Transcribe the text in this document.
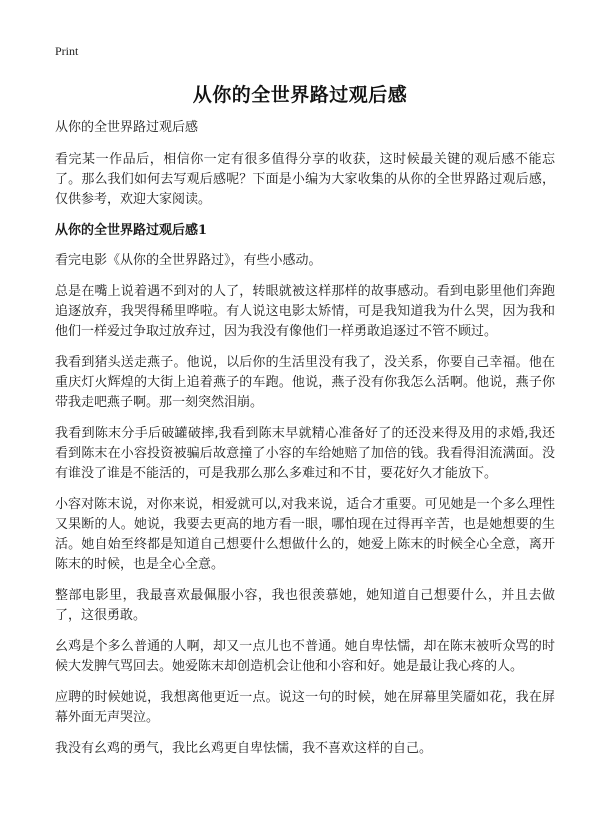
Print
从你的全世界路过观后感

从你的全世界路过观后感

看完某一作品后，相信你一定有很多值得分享的收获，这时候最关键的观后感不能忘了。那么我们如何去写观后感呢？下面是小编为大家收集的从你的全世界路过观后感，仅供参考，欢迎大家阅读。

从你的全世界路过观后感1

看完电影《从你的全世界路过》，有些小感动。

总是在嘴上说着遇不到对的人了，转眼就被这样那样的故事感动。看到电影里他们奔跑追逐放弃，我哭得稀里哗啦。有人说这电影太矫情，可是我知道我为什么哭，因为我和他们一样爱过争取过放弃过，因为我没有像他们一样勇敢追逐过不管不顾过。

我看到猪头送走燕子。他说，以后你的生活里没有我了，没关系，你要自己幸福。他在重庆灯火辉煌的大街上追着燕子的车跑。他说，燕子没有你我怎么活啊。他说，燕子你带我走吧燕子啊。那一刻突然泪崩。

我看到陈末分手后破罐破摔,我看到陈末早就精心准备好了的还没来得及用的求婚,我还看到陈末在小容投资被骗后故意撞了小容的车给她赔了加倍的钱。我看得泪流满面。没有谁没了谁是不能活的，可是我那么那么多难过和不甘，要花好久才能放下。

小容对陈末说，对你来说，相爱就可以,对我来说，适合才重要。可见她是一个多么理性又果断的人。她说，我要去更高的地方看一眼，哪怕现在过得再辛苦，也是她想要的生活。她自始至终都是知道自己想要什么想做什么的，她爱上陈末的时候全心全意，离开陈末的时候，也是全心全意。

整部电影里，我最喜欢最佩服小容，我也很羡慕她，她知道自己想要什么，并且去做了，这很勇敢。

幺鸡是个多么普通的人啊，却又一点儿也不普通。她自卑怯懦，却在陈末被听众骂的时候大发脾气骂回去。她爱陈末却创造机会让他和小容和好。她是最让我心疼的人。

应聘的时候她说，我想离他更近一点。说这一句的时候，她在屏幕里笑靥如花，我在屏幕外面无声哭泣。

我没有幺鸡的勇气，我比幺鸡更自卑怯懦，我不喜欢这样的自己。
